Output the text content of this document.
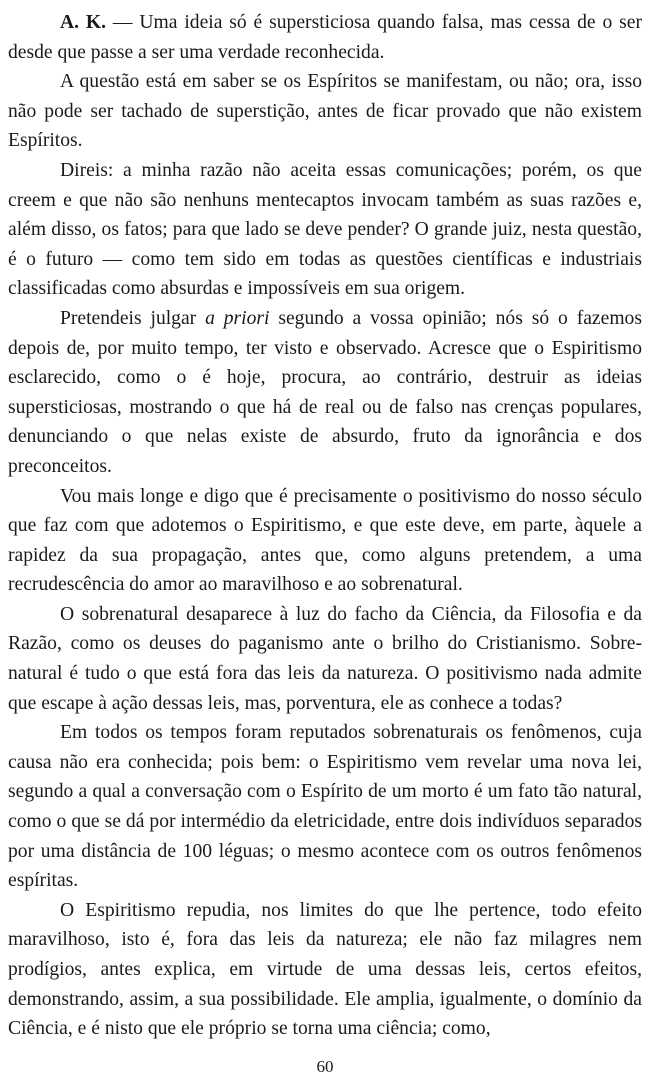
A. K. — Uma ideia só é supersticiosa quando falsa, mas cessa de o ser desde que passe a ser uma verdade reconhecida.

A questão está em saber se os Espíritos se manifestam, ou não; ora, isso não pode ser tachado de superstição, antes de ficar provado que não existem Espíritos.

Direis: a minha razão não aceita essas comunicações; porém, os que creem e que não são nenhuns mentecaptos invocam também as suas razões e, além disso, os fatos; para que lado se deve pender? O grande juiz, nesta questão, é o futuro — como tem sido em todas as questões científicas e industriais classificadas como absurdas e impossíveis em sua origem.

Pretendeis julgar a priori segundo a vossa opinião; nós só o fazemos depois de, por muito tempo, ter visto e observado. Acresce que o Espiritismo esclarecido, como o é hoje, procura, ao contrário, destruir as ideias supersticiosas, mostrando o que há de real ou de falso nas crenças populares, denunciando o que nelas existe de absurdo, fruto da ignorância e dos preconceitos.

Vou mais longe e digo que é precisamente o positivismo do nosso século que faz com que adotemos o Espiritismo, e que este deve, em parte, àquele a rapidez da sua propagação, antes que, como alguns pretendem, a uma recrudescência do amor ao maravilhoso e ao sobrenatural.

O sobrenatural desaparece à luz do facho da Ciência, da Filosofia e da Razão, como os deuses do paganismo ante o brilho do Cristianismo. Sobrenatural é tudo o que está fora das leis da natureza. O positivismo nada admite que escape à ação dessas leis, mas, porventura, ele as conhece a todas?

Em todos os tempos foram reputados sobrenaturais os fenômenos, cuja causa não era conhecida; pois bem: o Espiritismo vem revelar uma nova lei, segundo a qual a conversação com o Espírito de um morto é um fato tão natural, como o que se dá por intermédio da eletricidade, entre dois indivíduos separados por uma distância de 100 léguas; o mesmo acontece com os outros fenômenos espíritas.

O Espiritismo repudia, nos limites do que lhe pertence, todo efeito maravilhoso, isto é, fora das leis da natureza; ele não faz milagres nem prodígios, antes explica, em virtude de uma dessas leis, certos efeitos, demonstrando, assim, a sua possibilidade. Ele amplia, igualmente, o domínio da Ciência, e é nisto que ele próprio se torna uma ciência; como,

60
